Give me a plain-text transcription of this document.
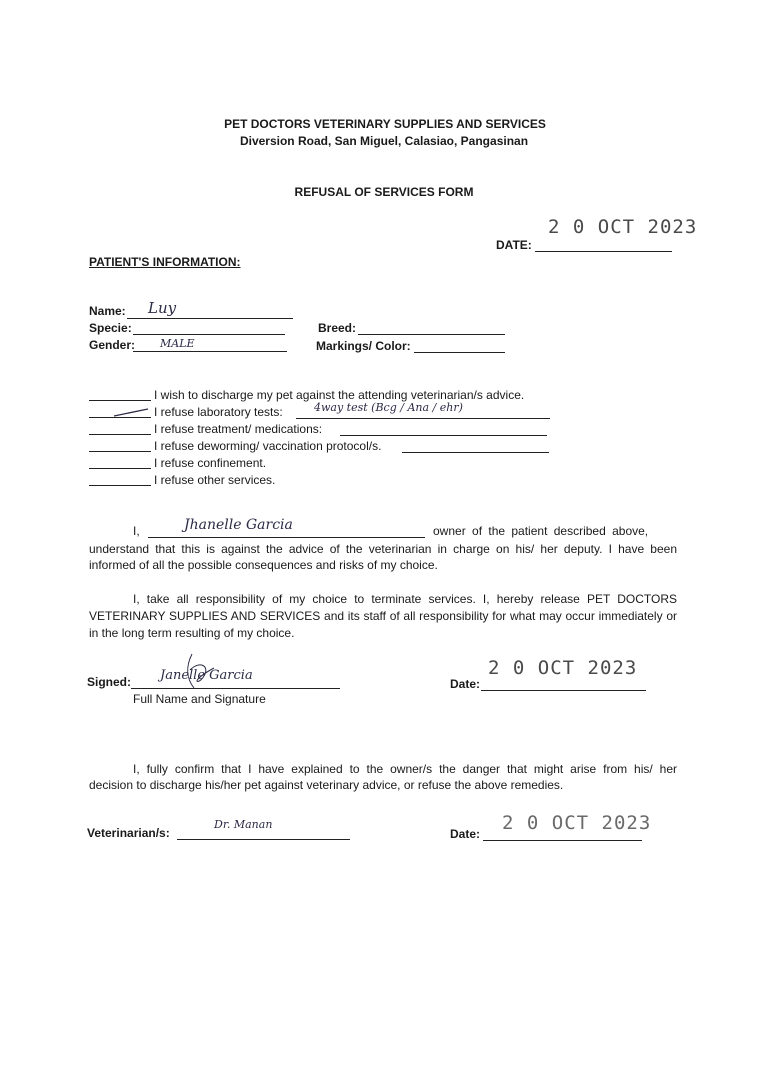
PET DOCTORS VETERINARY SUPPLIES AND SERVICES
Diversion Road, San Miguel, Calasiao, Pangasinan
REFUSAL OF SERVICES FORM
DATE:
2 0 OCT 2023
PATIENT'S INFORMATION:
Name: Luy
Specie:
Gender: MALE
Breed:
Markings/ Color:
I wish to discharge my pet against the attending veterinarian/s advice.
I refuse laboratory tests:	4way test (Bcg / Ana / ehr)
I refuse treatment/ medications:
I refuse deworming/ vaccination protocol/s.
I refuse confinement.
I refuse other services.
I,	Jhanelle Garcia	owner of the patient described above,
understand that this is against the advice of the veterinarian in charge on his/ her deputy. I have been
informed of all the possible consequences and risks of my choice.
I, take all responsibility of my choice to terminate services. I, hereby release PET DOCTORS
VETERINARY SUPPLIES AND SERVICES and its staff of all responsibility for what may occur immediately or
in the long term resulting of my choice.
Signed: Janelle Garcia
Full Name and Signature
Date:
2 0 OCT 2023
I, fully confirm that I have explained to the owner/s the danger that might arise from his/ her
decision to discharge his/her pet against veterinary advice, or refuse the above remedies.
Veterinarian/s:
Dr. Manan
Date: 2 0 OCT 2023
